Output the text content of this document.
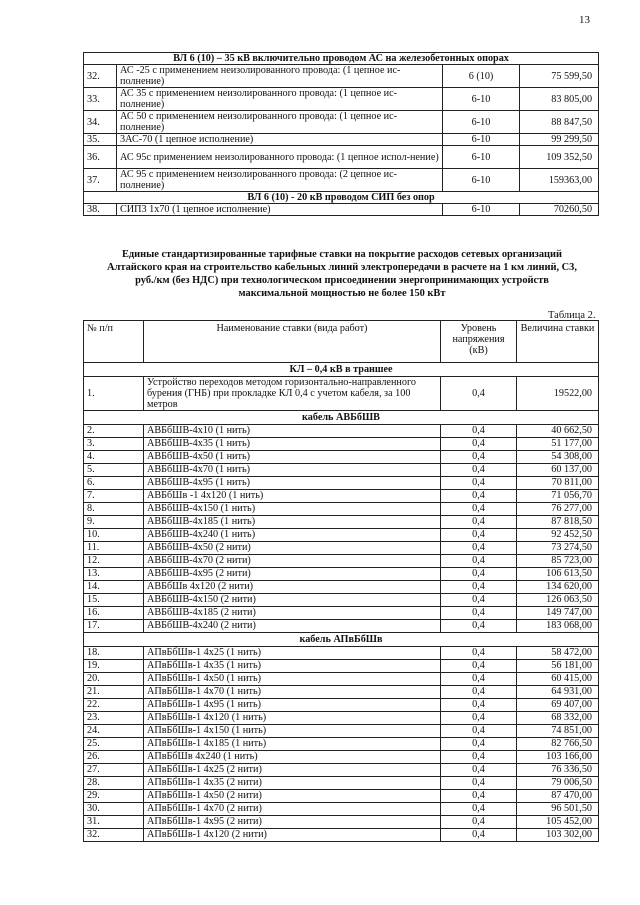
13
ВЛ 6 (10) – 35 кВ включительно проводом АС на железобетонных опорах			
32.	АС -25 с применением неизолированного провода: (1 цепное ис-полнение)	6 (10)	75 599,50
33.	АС 35 с применением неизолированного провода: (1 цепное ис-полнение)	6-10	83 805,00
34.	АС 50 с применением неизолированного провода: (1 цепное ис-полнение)	6-10	88 847,50
35.	3АС-70 (1 цепное исполнение)	6-10	99 299,50
36.	АС 95с применением неизолированного провода: (1 цепное испол-нение)	6-10	109 352,50
37.	АС 95 с применением неизолированного провода: (2 цепное ис-полнение)	6-10	159363,00
ВЛ 6 (10) - 20 кВ проводом СИП без опор			
38.	СИП3 1х70 (1 цепное исполнение)	6-10	70260,50
Единые стандартизированные тарифные ставки на покрытие расходов сетевых организаций Алтайского края на строительство кабельных линий электропередачи в расчете на 1 км линий, С3, руб./км (без НДС) при технологическом присоединении энергопринимающих устройств максимальной мощностью не более 150 кВт
Таблица 2.
№ п/п	Наименование ставки (вида работ)	Уровень напряжения (кВ)	Величина ставки
КЛ – 0,4 кВ в траншее			
1.	Устройство переходов методом горизонтально-направленного бурения (ГНБ) при прокладке КЛ 0,4 с учетом кабеля, за 100 метров	0,4	19522,00
кабель АВБбШВ			
2.	АВБбШВ-4х10 (1 нить)	0,4	40 662,50
3.	АВБбШВ-4х35 (1 нить)	0,4	51 177,00
4.	АВБбШВ-4х50 (1 нить)	0,4	54 308,00
5.	АВБбШВ-4х70 (1 нить)	0,4	60 137,00
6.	АВБбШВ-4х95 (1 нить)	0,4	70 811,00
7.	АВБбШв -1 4х120 (1 нить)	0,4	71 056,70
8.	АВБбШВ-4х150 (1 нить)	0,4	76 277,00
9.	АВБбШВ-4х185 (1 нить)	0,4	87 818,50
10.	АВБбШВ-4х240 (1 нить)	0,4	92 452,50
11.	АВБбШВ-4х50 (2 нити)	0,4	73 274,50
12.	АВБбШВ-4х70 (2 нити)	0,4	85 723,00
13.	АВБбШВ-4х95 (2 нити)	0,4	106 613,50
14.	АВБбШв 4х120 (2 нити)	0,4	134 620,00
15.	АВБбШВ-4х150 (2 нити)	0,4	126 063,50
16.	АВБбШВ-4х185 (2 нити)	0,4	149 747,00
17.	АВБбШВ-4х240 (2 нити)	0,4	183 068,00
кабель АПвБбШв			
18.	АПвБбШв-1 4х25 (1 нить)	0,4	58 472,00
19.	АПвБбШв-1 4х35 (1 нить)	0,4	56 181,00
20.	АПвБбШв-1 4х50 (1 нить)	0,4	60 415,00
21.	АПвБбШв-1 4х70 (1 нить)	0,4	64 931,00
22.	АПвБбШв-1 4х95 (1 нить)	0,4	69 407,00
23.	АПвБбШв-1 4х120 (1 нить)	0,4	68 332,00
24.	АПвБбШв-1 4х150 (1 нить)	0,4	74 851,00
25.	АПвБбШв-1 4х185 (1 нить)	0,4	82 766,50
26.	АПвБбШв 4х240 (1 нить)	0,4	103 166,00
27.	АПвБбШв-1 4х25 (2 нити)	0,4	76 336,50
28.	АПвБбШв-1 4х35 (2 нити)	0,4	79 006,50
29.	АПвБбШв-1 4х50 (2 нити)	0,4	87 470,00
30.	АПвБбШв-1 4х70 (2 нити)	0,4	96 501,50
31.	АПвБбШв-1 4х95 (2 нити)	0,4	105 452,00
32.	АПвБбШв-1 4х120 (2 нити)	0,4	103 302,00
